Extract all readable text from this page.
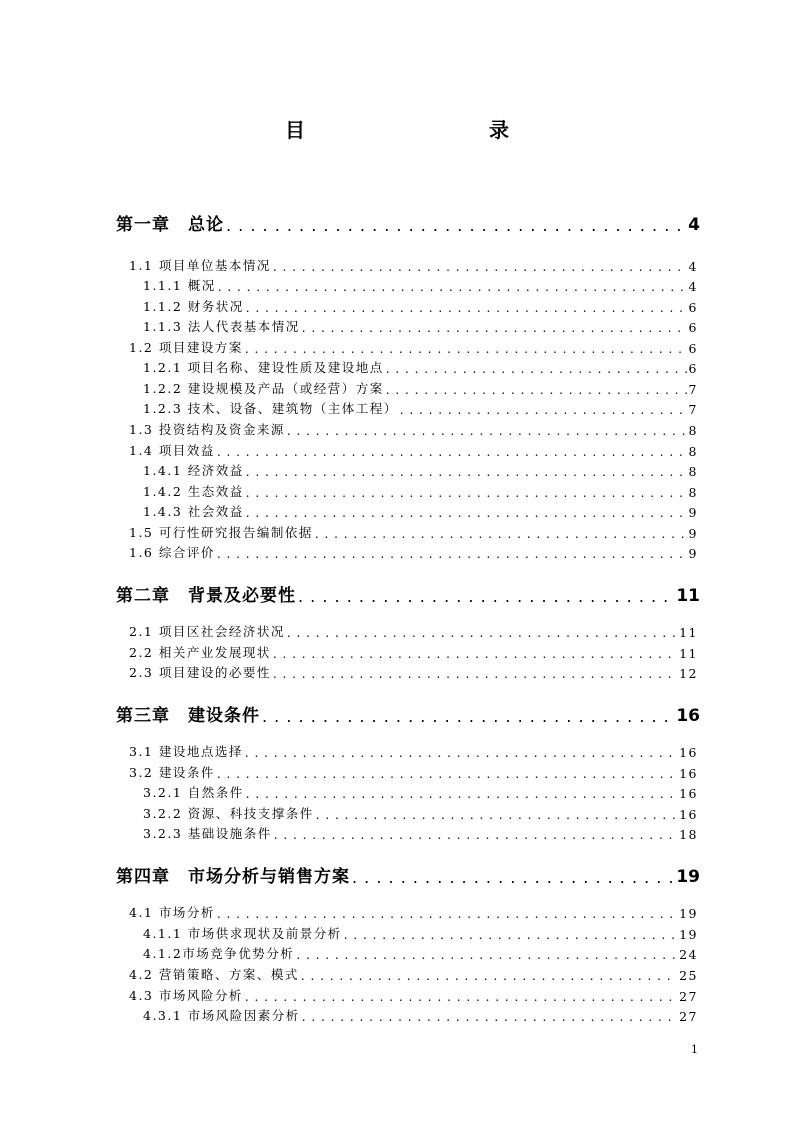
目　　录
第一章　总论 . . .	4
1.1 项目单位基本情况 . . .	4
1.1.1 概况 . . .	4
1.1.2 财务状况 . . .	6
1.1.3 法人代表基本情况 . . .	6
1.2 项目建设方案 . . .	6
1.2.1 项目名称、建设性质及建设地点 . . .	6
1.2.2 建设规模及产品（或经营）方案 . . .	7
1.2.3 技术、设备、建筑物（主体工程） . . .	7
1.3 投资结构及资金来源 . . .	8
1.4 项目效益 . . .	8
1.4.1 经济效益 . . .	8
1.4.2 生态效益 . . .	8
1.4.3 社会效益 . . .	9
1.5 可行性研究报告编制依据 . . .	9
1.6 综合评价 . . .	9
第二章　背景及必要性 . . .	11
2.1 项目区社会经济状况 . . .	11
2.2 相关产业发展现状 . . .	11
2.3 项目建设的必要性 . . .	12
第三章　建设条件 . . .	16
3.1 建设地点选择 . . .	16
3.2 建设条件 . . .	16
3.2.1 自然条件 . . .	16
3.2.2 资源、科技支撑条件 . . .	16
3.2.3 基础设施条件 . . .	18
第四章　市场分析与销售方案 . . .	19
4.1 市场分析 . . .	19
4.1.1 市场供求现状及前景分析 . . .	19
4.1.2市场竞争优势分析 . . .	24
4.2 营销策略、方案、模式 . . .	25
4.3 市场风险分析 . . .	27
4.3.1 市场风险因素分析 . . .	27
1
